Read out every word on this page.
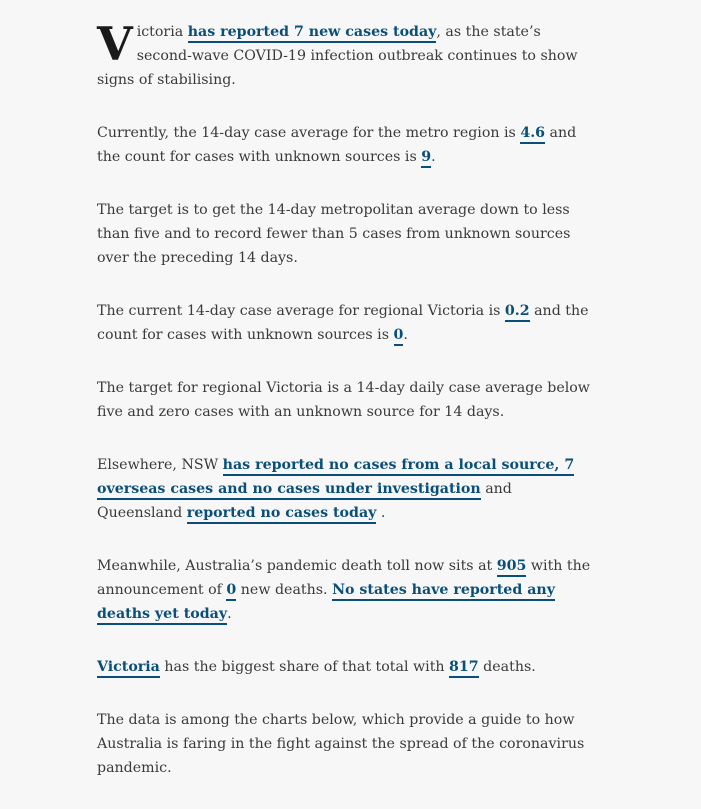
Victoria has reported 7 new cases today, as the state’s second-wave COVID-19 infection outbreak continues to show signs of stabilising.

Currently, the 14-day case average for the metro region is 4.6 and the count for cases with unknown sources is 9.

The target is to get the 14-day metropolitan average down to less than five and to record fewer than 5 cases from unknown sources over the preceding 14 days.

The current 14-day case average for regional Victoria is 0.2 and the count for cases with unknown sources is 0.

The target for regional Victoria is a 14-day daily case average below five and zero cases with an unknown source for 14 days.

Elsewhere, NSW has reported no cases from a local source, 7 overseas cases and no cases under investigation and Queensland reported no cases today .

Meanwhile, Australia’s pandemic death toll now sits at 905 with the announcement of 0 new deaths. No states have reported any deaths yet today.

Victoria has the biggest share of that total with 817 deaths.

The data is among the charts below, which provide a guide to how Australia is faring in the fight against the spread of the coronavirus pandemic.
